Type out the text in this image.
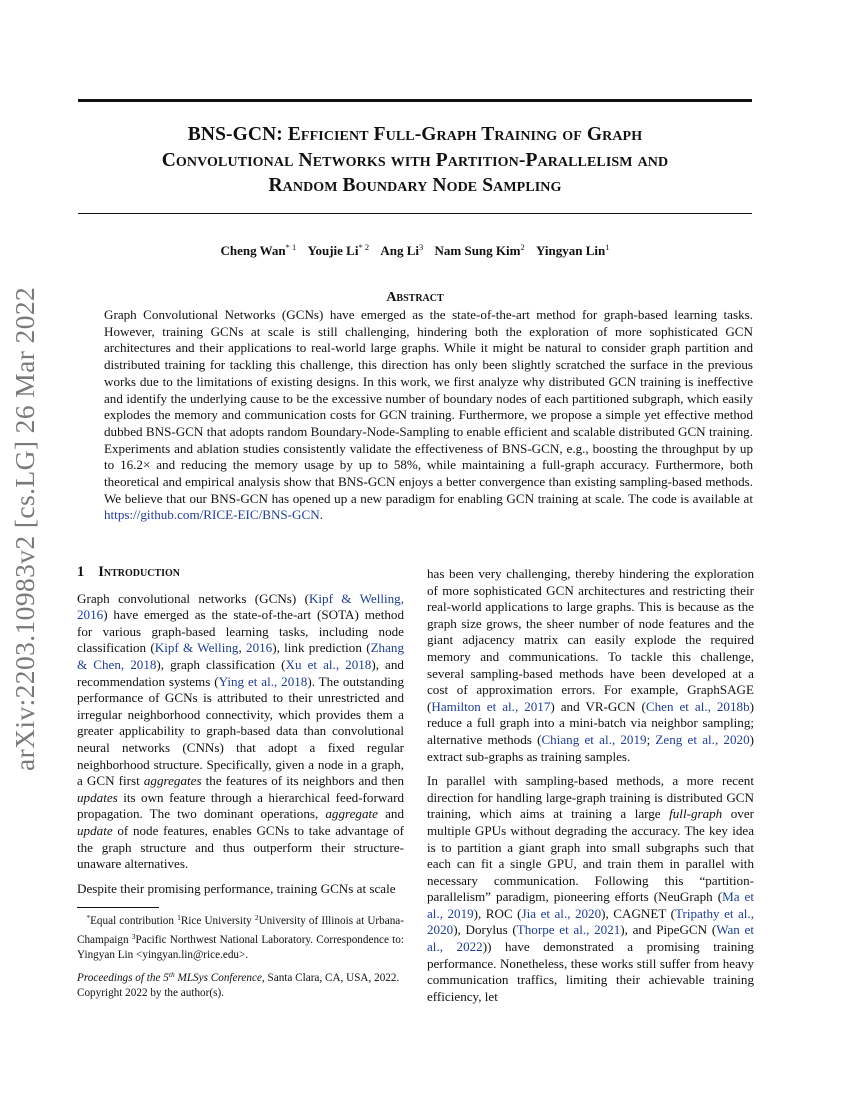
arXiv:2203.10983v2 [cs.LG] 26 Mar 2022
BNS-GCN: Efficient Full-Graph Training of Graph
Convolutional Networks with Partition-Parallelism and
Random Boundary Node Sampling
Cheng Wan$^{* 1}$ Youjie Li$^{* 2}$ Ang Li$^3$ Nam Sung Kim$^2$ Yingyan Lin$^1$
Abstract
Graph Convolutional Networks (GCNs) have emerged as the state-of-the-art method for graph-based learning tasks. However, training GCNs at scale is still challenging, hindering both the exploration of more sophisticated GCN architectures and their applications to real-world large graphs. While it might be natural to consider graph partition and distributed training for tackling this challenge, this direction has only been slightly scratched the surface in the previous works due to the limitations of existing designs. In this work, we first analyze why distributed GCN training is ineffective and identify the underlying cause to be the excessive number of boundary nodes of each partitioned subgraph, which easily explodes the memory and communication costs for GCN training. Furthermore, we propose a simple yet effective method dubbed BNS-GCN that adopts random Boundary-Node-Sampling to enable efficient and scalable distributed GCN training. Experiments and ablation studies consistently validate the effectiveness of BNS-GCN, e.g., boosting the throughput by up to 16.2× and reducing the memory usage by up to 58%, while maintaining a full-graph accuracy. Furthermore, both theoretical and empirical analysis show that BNS-GCN enjoys a better convergence than existing sampling-based methods. We believe that our BNS-GCN has opened up a new paradigm for enabling GCN training at scale. The code is available at https://github.com/RICE-EIC/BNS-GCN.
1 Introduction

Graph convolutional networks (GCNs) (Kipf & Welling, 2016) have emerged as the state-of-the-art (SOTA) method for various graph-based learning tasks, including node classification (Kipf & Welling, 2016), link prediction (Zhang & Chen, 2018), graph classification (Xu et al., 2018), and recommendation systems (Ying et al., 2018). The outstanding performance of GCNs is attributed to their unrestricted and irregular neighborhood connectivity, which provides them a greater applicability to graph-based data than convolutional neural networks (CNNs) that adopt a fixed regular neighborhood structure. Specifically, given a node in a graph, a GCN first aggregates the features of its neighbors and then updates its own feature through a hierarchical feed-forward propagation. The two dominant operations, aggregate and update of node features, enables GCNs to take advantage of the graph structure and thus outperform their structure-unaware alternatives.

Despite their promising performance, training GCNs at scale

*Equal contribution $^1$Rice University $^2$University of Illinois at Urbana-Champaign $^3$Pacific Northwest National Laboratory. Correspondence to: Yingyan Lin <yingyan.lin@rice.edu>.
Proceedings of the 5th MLSys Conference, Santa Clara, CA, USA, 2022. Copyright 2022 by the author(s).

has been very challenging, thereby hindering the exploration of more sophisticated GCN architectures and restricting their real-world applications to large graphs. This is because as the graph size grows, the sheer number of node features and the giant adjacency matrix can easily explode the required memory and communications. To tackle this challenge, several sampling-based methods have been developed at a cost of approximation errors. For example, GraphSAGE (Hamilton et al., 2017) and VR-GCN (Chen et al., 2018b) reduce a full graph into a mini-batch via neighbor sampling; alternative methods (Chiang et al., 2019; Zeng et al., 2020) extract sub-graphs as training samples.

In parallel with sampling-based methods, a more recent direction for handling large-graph training is distributed GCN training, which aims at training a large full-graph over multiple GPUs without degrading the accuracy. The key idea is to partition a giant graph into small subgraphs such that each can fit a single GPU, and train them in parallel with necessary communication. Following this “partition-parallelism” paradigm, pioneering efforts (NeuGraph (Ma et al., 2019), ROC (Jia et al., 2020), CAGNET (Tripathy et al., 2020), Dorylus (Thorpe et al., 2021), and PipeGCN (Wan et al., 2022)) have demonstrated a promising training performance. Nonetheless, these works still suffer from heavy communication traffics, limiting their achievable training efficiency, let
